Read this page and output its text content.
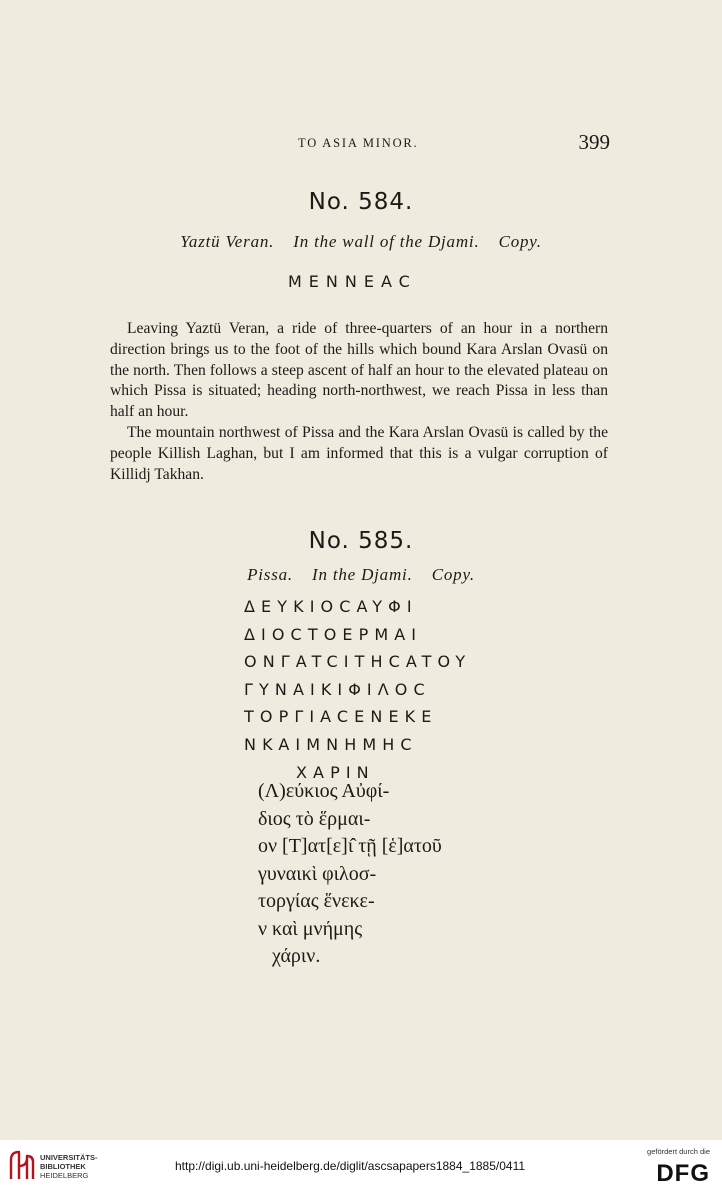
TO ASIA MINOR.	399
No. 584.
Yaztü Veran. In the wall of the Djami. Copy.
MENNEAC

Leaving Yaztü Veran, a ride of three-quarters of an hour in a northern direction brings us to the foot of the hills which bound Kara Arslan Ovasü on the north. Then follows a steep ascent of half an hour to the elevated plateau on which Pissa is situated; heading north-northwest, we reach Pissa in less than half an hour.

The mountain northwest of Pissa and the Kara Arslan Ovasü is called by the people Killish Laghan, but I am informed that this is a vulgar corruption of Killidj Takhan.

No. 585.
Pissa. In the Djami. Copy.
ΔEYKIOCAYΦI
ΔIOCTOEPMAI
ONΓATCITHCATOY
ΓYNAIKIΦIΛOC
TOPΓIACENEKE
NKAIMNHMHC
XAPIN
(Λ)εύκιος Αὐφί-
διος τὸ ἕρμαι-
ον [Τ]ατ[ε]ι̂ τῇ [ἑ]ατοῦ
γυναικὶ φιλοσ-
τοργίας ἕνεκε-
ν καὶ μνήμης
χάριν.
UNIVERSITÄTS-
BIBLIOTHEK
HEIDELBERG
http://digi.ub.uni-heidelberg.de/diglit/ascsapapers1884_1885/0411
gefördert durch die
DFG
